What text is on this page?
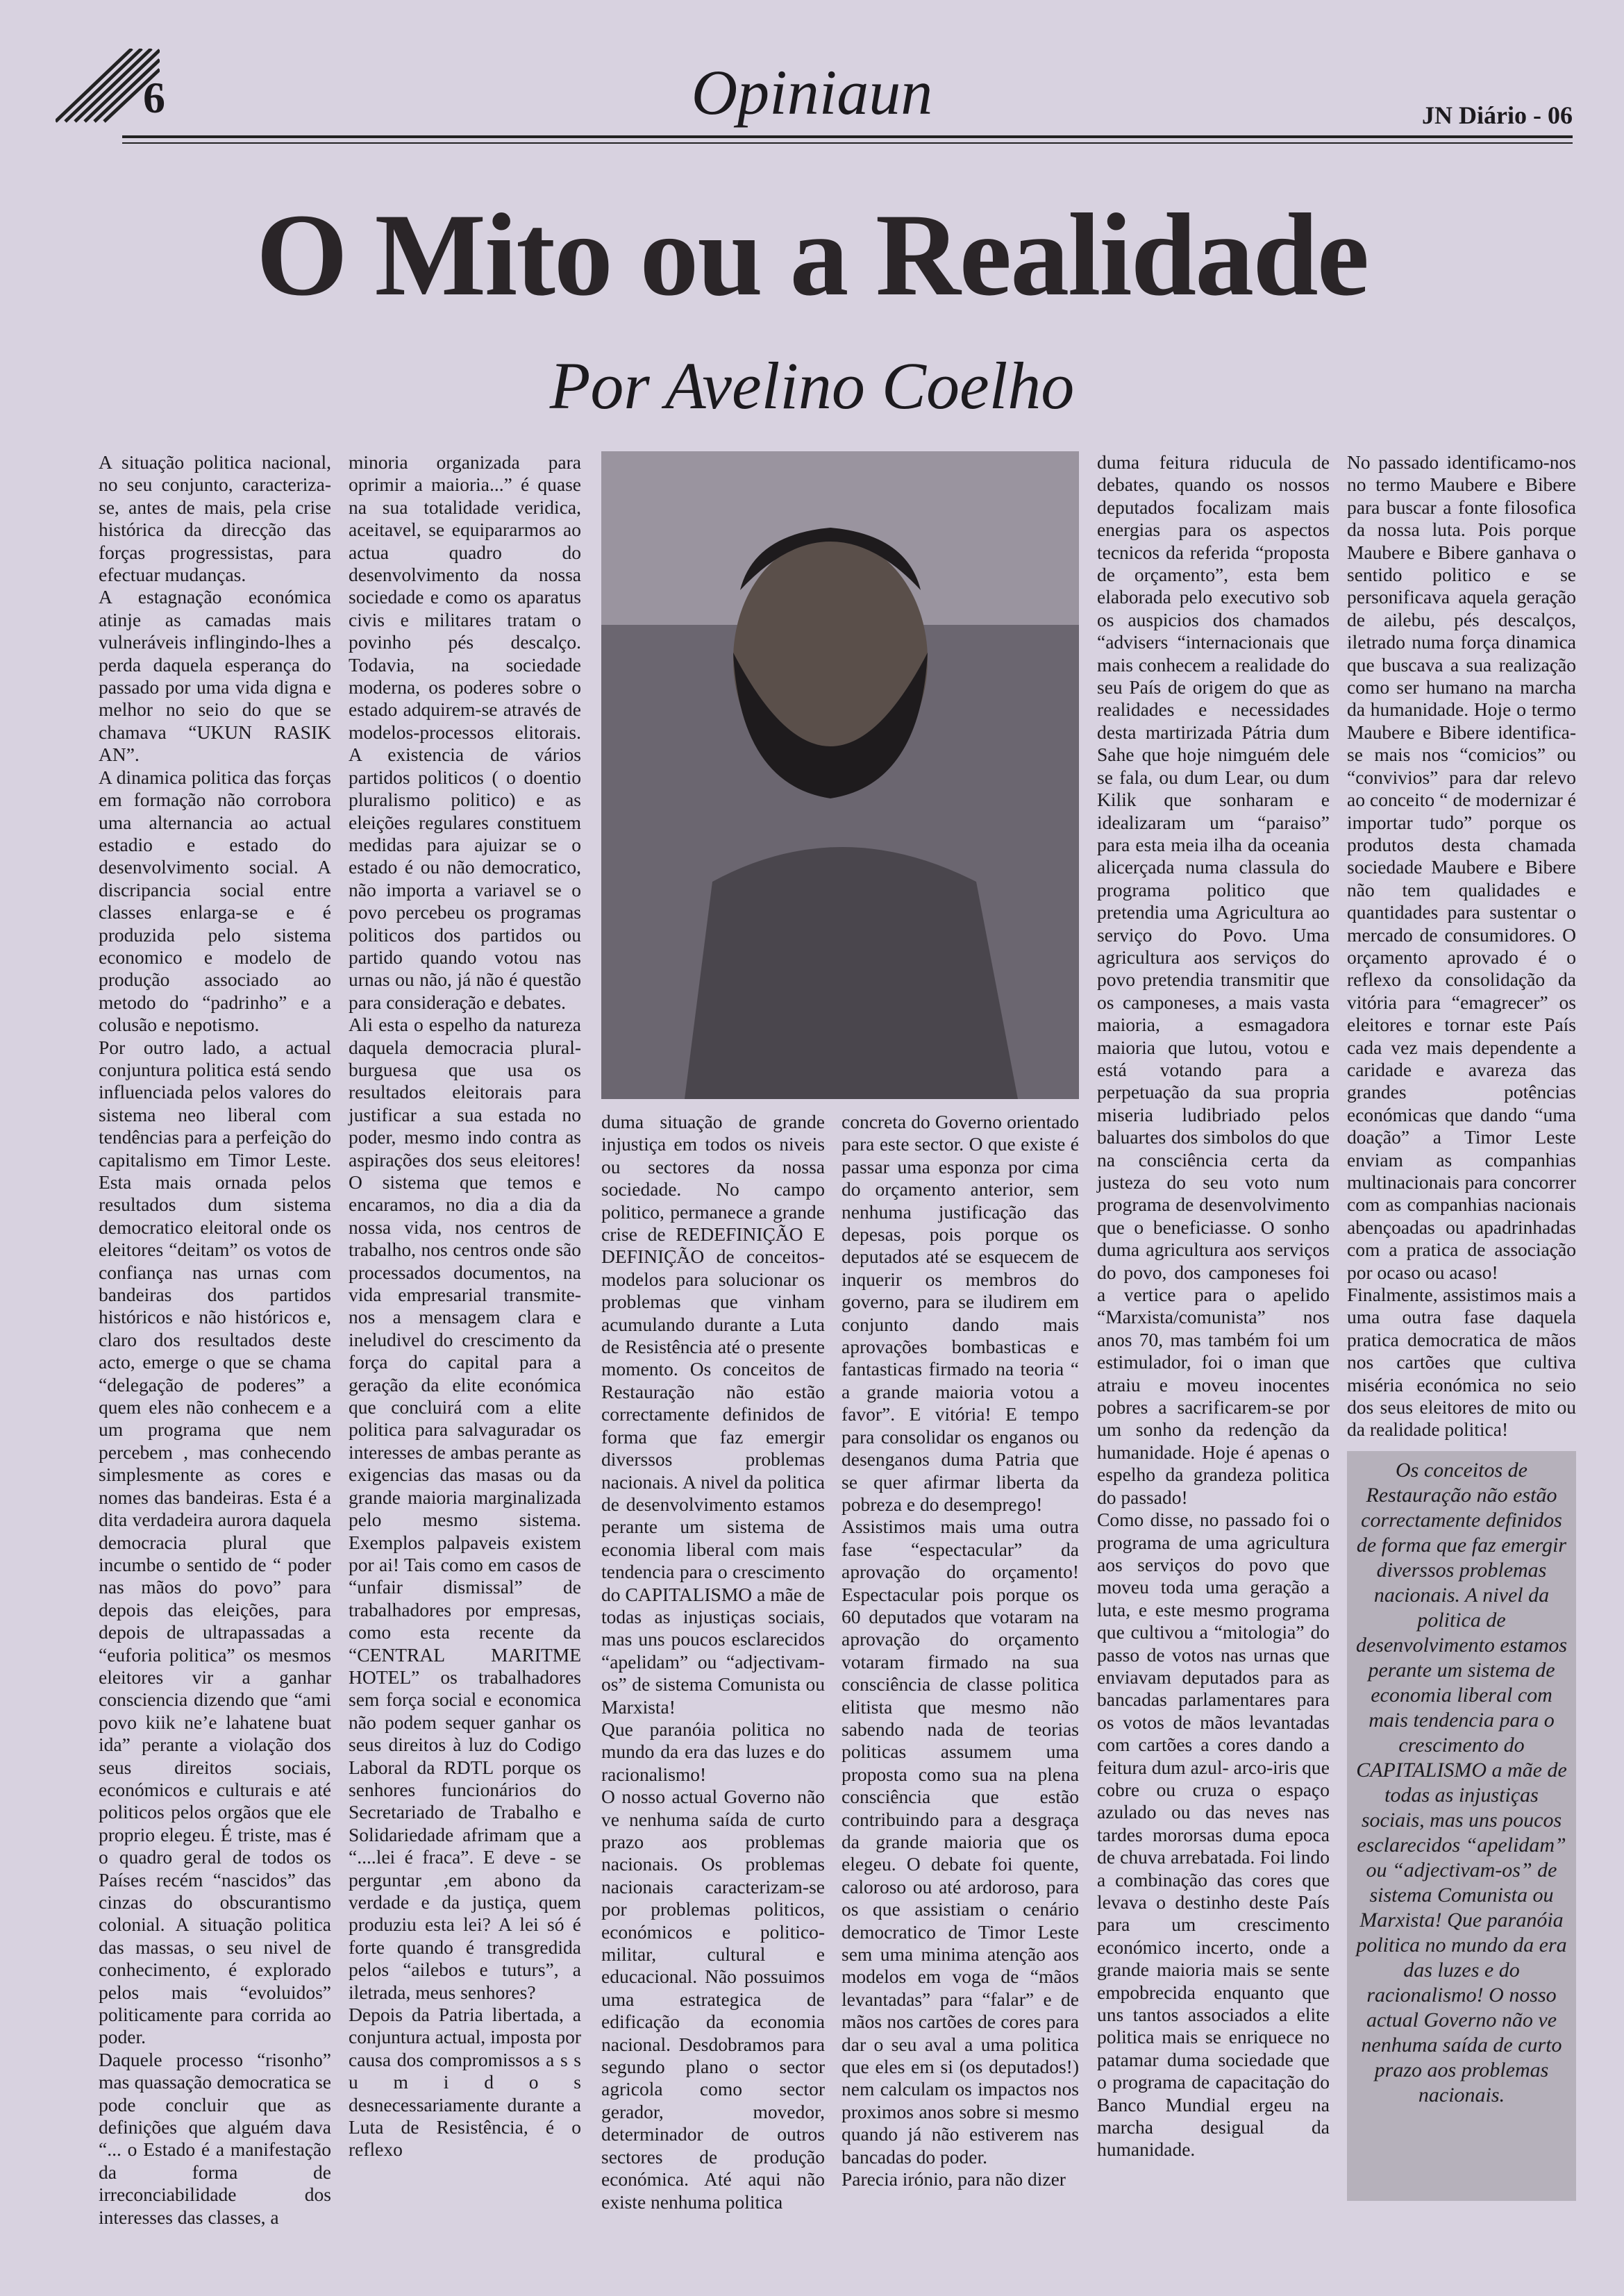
6	Opiniaun	JN Diário - 06
O Mito ou a Realidade
Por Avelino Coelho

A situação politica nacional, no seu conjunto, caracteriza-se, antes de mais, pela crise histórica da direcção das forças progressistas, para efectuar mudanças.

A estagnação económica atinje as camadas mais vulneráveis inflingindo-lhes a perda daquela esperança do passado por uma vida digna e melhor no seio do que se chamava “UKUN RASIK AN”.

A dinamica politica das forças em formação não corrobora uma alternancia ao actual estadio e estado do desenvolvimento social. A discripancia social entre classes enlarga-se e é produzida pelo sistema economico e modelo de produção associado ao metodo do “padrinho” e a colusão e nepotismo.

Por outro lado, a actual conjuntura politica está sendo influenciada pelos valores do sistema neo liberal com tendências para a perfeição do capitalismo em Timor Leste. Esta mais ornada pelos resultados dum sistema democratico eleitoral onde os eleitores “deitam” os votos de confiança nas urnas com bandeiras dos partidos históricos e não históricos e, claro dos resultados deste acto, emerge o que se chama “delegação de poderes” a quem eles não conhecem e a um programa que nem percebem , mas conhecendo simplesmente as cores e nomes das bandeiras. Esta é a dita verdadeira aurora daquela democracia plural que incumbe o sentido de “ poder nas mãos do povo” para depois das eleições, para depois de ultrapassadas a “euforia politica” os mesmos eleitores vir a ganhar consciencia dizendo que “ami povo kiik ne’e lahatene buat ida” perante a violação dos seus direitos sociais, económicos e culturais e até politicos pelos orgãos que ele proprio elegeu. É triste, mas é o quadro geral de todos os Países recém “nascidos” das cinzas do obscurantismo colonial. A situação politica das massas, o seu nivel de conhecimento, é explorado pelos mais “evoluidos” politicamente para corrida ao poder.

Daquele processo “risonho” mas quassação democratica se pode concluir que as definições que alguém dava “... o Estado é a manifestação da forma de irreconciabilidade dos interesses das classes, a

minoria organizada para oprimir a maioria...” é quase na sua totalidade veridica, aceitavel, se equipararmos ao actua quadro do desenvolvimento da nossa sociedade e como os aparatus civis e militares tratam o povinho pés descalço. Todavia, na sociedade moderna, os poderes sobre o estado adquirem-se através de modelos-processos elitorais. A existencia de vários partidos politicos ( o doentio pluralismo politico) e as eleições regulares constituem medidas para ajuizar se o estado é ou não democratico, não importa a variavel se o povo percebeu os programas politicos dos partidos ou partido quando votou nas urnas ou não, já não é questão para consideração e debates.

Ali esta o espelho da natureza daquela democracia plural-burguesa que usa os resultados eleitorais para justificar a sua estada no poder, mesmo indo contra as aspirações dos seus eleitores! O sistema que temos e encaramos, no dia a dia da nossa vida, nos centros de trabalho, nos centros onde são processados documentos, na vida empresarial transmite-nos a mensagem clara e ineludivel do crescimento da força do capital para a geração da elite económica que concluirá com a elite politica para salvaguradar os interesses de ambas perante as exigencias das masas ou da grande maioria marginalizada pelo mesmo sistema. Exemplos palpaveis existem por ai! Tais como em casos de “unfair dismissal” de trabalhadores por empresas, como esta recente da “CENTRAL MARITME HOTEL” os trabalhadores sem força social e economica não podem sequer ganhar os seus direitos à luz do Codigo Laboral da RDTL porque os senhores funcionários do Secretariado de Trabalho e Solidariedade afrimam que a “....lei é fraca”. E deve - se perguntar ,em abono da verdade e da justiça, quem produziu esta lei? A lei só é forte quando é transgredida pelos “ailebos e tuturs”, a iletrada, meus senhores?

Depois da Patria libertada, a conjuntura actual, imposta por causa dos compromissos a s s u m i d o s desnecessariamente durante a Luta de Resistência, é o reflexo

duma situação de grande injustiça em todos os niveis ou sectores da nossa sociedade. No campo politico, permanece a grande crise de REDEFINIÇÃO E DEFINIÇÃO de conceitos-modelos para solucionar os problemas que vinham acumulando durante a Luta de Resistência até o presente momento. Os conceitos de Restauração não estão correctamente definidos de forma que faz emergir diverssos problemas nacionais. A nivel da politica de desenvolvimento estamos perante um sistema de economia liberal com mais tendencia para o crescimento do CAPITALISMO a mãe de todas as injustiças sociais, mas uns poucos esclarecidos “apelidam” ou “adjectivam-os” de sistema Comunista ou Marxista!

Que paranóia politica no mundo da era das luzes e do racionalismo!

O nosso actual Governo não ve nenhuma saída de curto prazo aos problemas nacionais. Os problemas nacionais caracterizam-se por problemas politicos, económicos e politico-militar, cultural e educacional. Não possuimos uma estrategica de edificação da economia nacional. Desdobramos para segundo plano o sector agricola como sector gerador, movedor, determinador de outros sectores de produção económica. Até aqui não existe nenhuma politica

concreta do Governo orientado para este sector. O que existe é passar uma esponza por cima do orçamento anterior, sem nenhuma justificação das depesas, pois porque os deputados até se esquecem de inquerir os membros do governo, para se iludirem em conjunto dando mais aprovações bombasticas e fantasticas firmado na teoria “ a grande maioria votou a favor”. E vitória! E tempo para consolidar os enganos ou desenganos duma Patria que se quer afirmar liberta da pobreza e do desemprego!

Assistimos mais uma outra fase “espectacular” da aprovação do orçamento! Espectacular pois porque os 60 deputados que votaram na aprovação do orçamento votaram firmado na sua consciência de classe politica elitista que mesmo não sabendo nada de teorias politicas assumem uma proposta como sua na plena consciência que estão contribuindo para a desgraça da grande maioria que os elegeu. O debate foi quente, caloroso ou até ardoroso, para os que assistiam o cenário democratico de Timor Leste sem uma minima atenção aos modelos em voga de “mãos levantadas” para “falar” e de mãos nos cartões de cores para dar o seu aval a uma politica que eles em si (os deputados!) nem calculam os impactos nos proximos anos sobre si mesmo quando já não estiverem nas bancadas do poder.

Parecia irónio, para não dizer

duma feitura riducula de debates, quando os nossos deputados focalizam mais energias para os aspectos tecnicos da referida “proposta de orçamento”, esta bem elaborada pelo executivo sob os auspicios dos chamados “advisers “internacionais que mais conhecem a realidade do seu País de origem do que as realidades e necessidades desta martirizada Pátria dum Sahe que hoje nimguém dele se fala, ou dum Lear, ou dum Kilik que sonharam e idealizaram um “paraiso” para esta meia ilha da oceania alicerçada numa classula do programa politico que pretendia uma Agricultura ao serviço do Povo. Uma agricultura aos serviços do povo pretendia transmitir que os camponeses, a mais vasta maioria, a esmagadora maioria que lutou, votou e está votando para a perpetuação da sua propria miseria ludibriado pelos baluartes dos simbolos do que na consciência certa da justeza do seu voto num programa de desenvolvimento que o beneficiasse. O sonho duma agricultura aos serviços do povo, dos camponeses foi a vertice para o apelido “Marxista/comunista” nos anos 70, mas também foi um estimulador, foi o iman que atraiu e moveu inocentes pobres a sacrificarem-se por um sonho da redenção da humanidade. Hoje é apenas o espelho da grandeza politica do passado!

Como disse, no passado foi o programa de uma agricultura aos serviços do povo que moveu toda uma geração a luta, e este mesmo programa que cultivou a “mitologia” do passo de votos nas urnas que enviavam deputados para as bancadas parlamentares para os votos de mãos levantadas com cartões a cores dando a feitura dum azul- arco-iris que cobre ou cruza o espaço azulado ou das neves nas tardes mororsas duma epoca de chuva arrebatada. Foi lindo a combinação das cores que levava o destinho deste País para um crescimento económico incerto, onde a grande maioria mais se sente empobrecida enquanto que uns tantos associados a elite politica mais se enriquece no patamar duma sociedade que o programa de capacitação do Banco Mundial ergeu na marcha desigual da humanidade.

No passado identificamo-nos no termo Maubere e Bibere para buscar a fonte filosofica da nossa luta. Pois porque Maubere e Bibere ganhava o sentido politico e se personificava aquela geração de ailebu, pés descalços, iletrado numa força dinamica que buscava a sua realização como ser humano na marcha da humanidade. Hoje o termo Maubere e Bibere identifica-se mais nos “comicios” ou “convivios” para dar relevo ao conceito “ de modernizar é importar tudo” porque os produtos desta chamada sociedade Maubere e Bibere não tem qualidades e quantidades para sustentar o mercado de consumidores. O orçamento aprovado é o reflexo da consolidação da vitória para “emagrecer” os eleitores e tornar este País cada vez mais dependente a caridade e avareza das grandes potências económicas que dando “uma doação” a Timor Leste enviam as companhias multinacionais para concorrer com as companhias nacionais abençoadas ou apadrinhadas com a pratica de associação por ocaso ou acaso!

Finalmente, assistimos mais a uma outra fase daquela pratica democratica de mãos nos cartões que cultiva miséria económica no seio dos seus eleitores de mito ou da realidade politica!

Os conceitos de Restauração não estão correctamente definidos de forma que faz emergir diverssos problemas nacionais. A nivel da politica de desenvolvimento estamos perante um sistema de economia liberal com mais tendencia para o crescimento do CAPITALISMO a mãe de todas as injustiças sociais, mas uns poucos esclarecidos “apelidam” ou “adjectivam-os” de sistema Comunista ou Marxista! Que paranóia politica no mundo da era das luzes e do racionalismo! O nosso actual Governo não ve nenhuma saída de curto prazo aos problemas nacionais.
